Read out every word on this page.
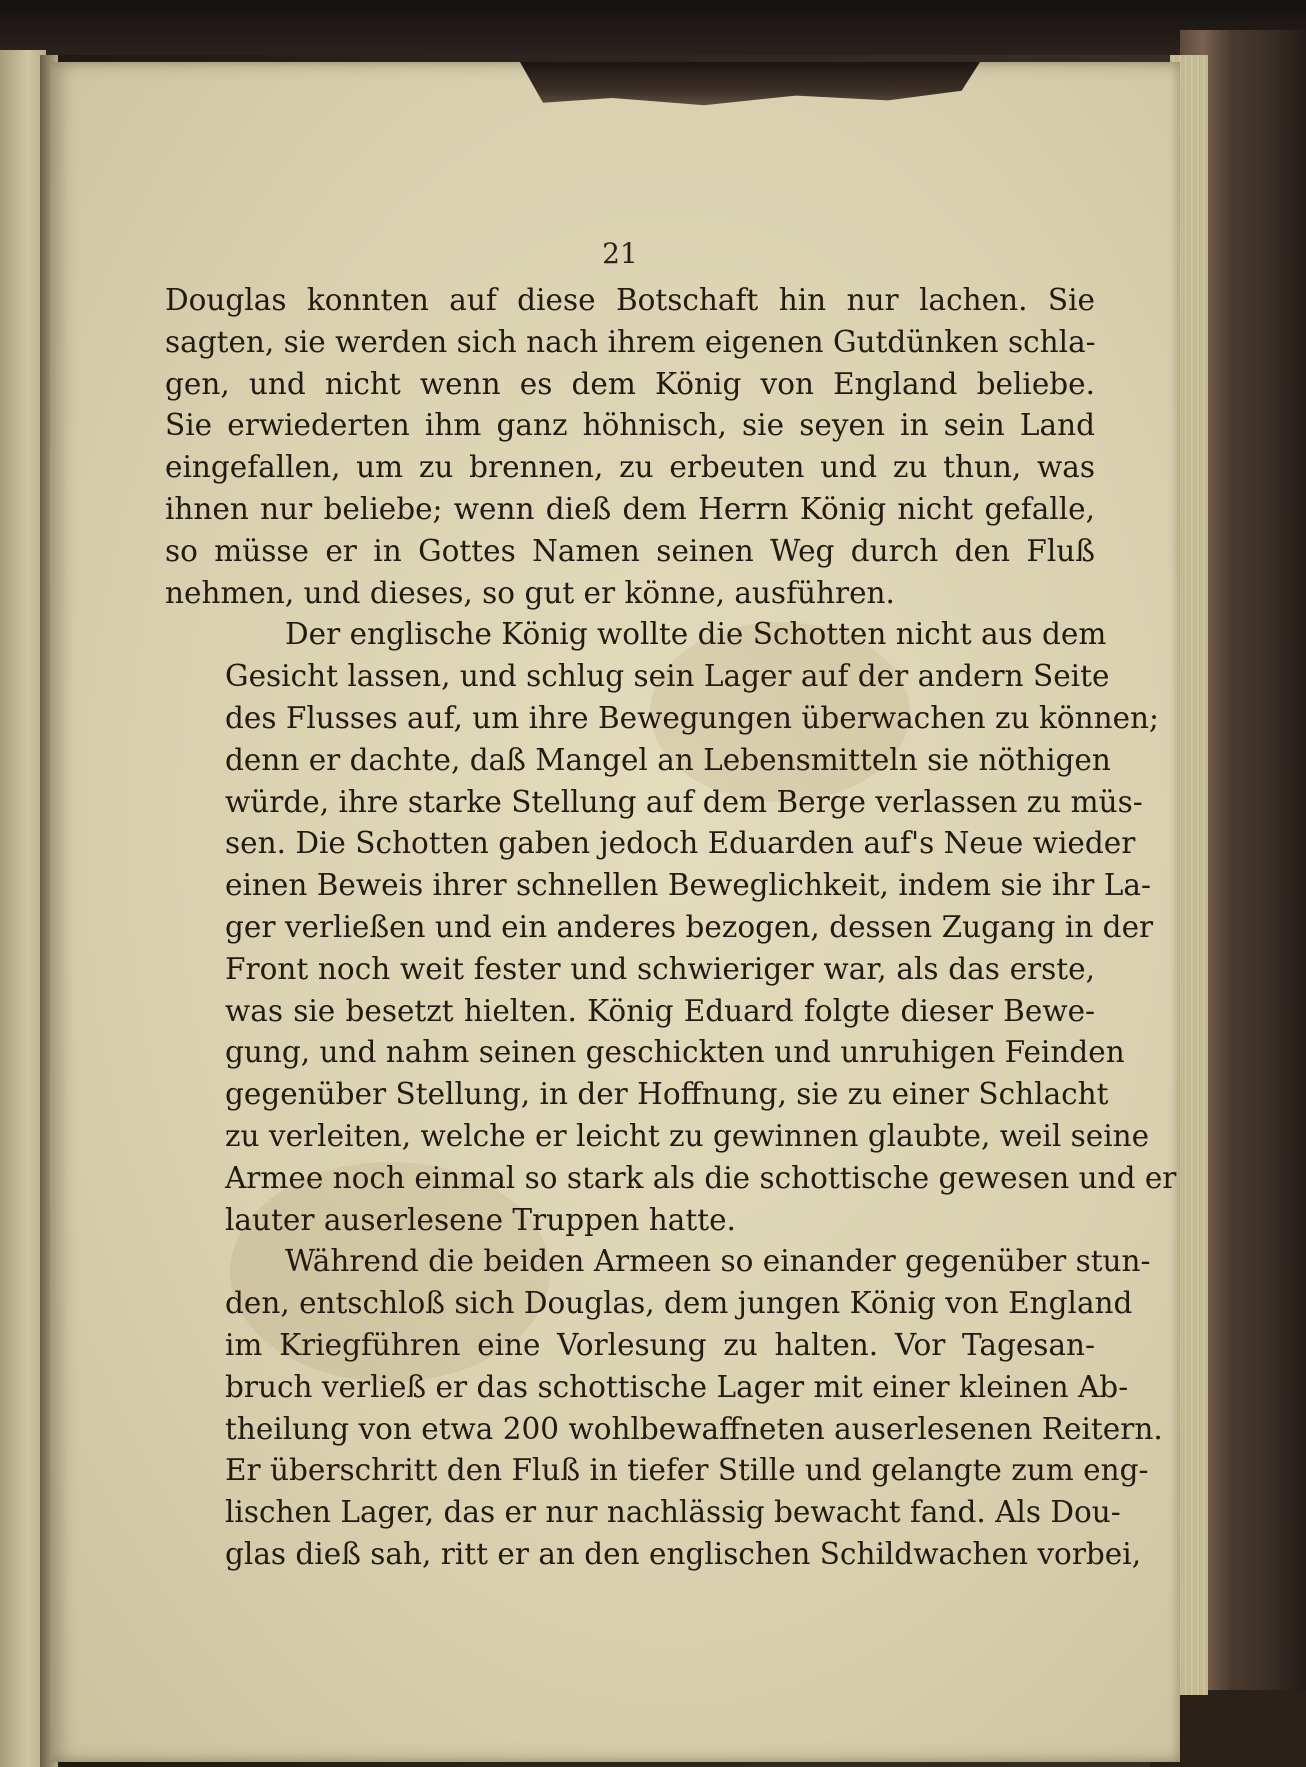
21

Douglas konnten auf diese Botschaft hin nur lachen. Sie
sagten, sie werden sich nach ihrem eigenen Gutdünken schla-
gen, und nicht wenn es dem König von England beliebe.
Sie erwiederten ihm ganz höhnisch, sie seyen in sein Land
eingefallen, um zu brennen, zu erbeuten und zu thun, was
ihnen nur beliebe; wenn dieß dem Herrn König nicht gefalle,
so müsse er in Gottes Namen seinen Weg durch den Fluß
nehmen, und dieses, so gut er könne, ausführen.

Der englische König wollte die Schotten nicht aus dem
Gesicht lassen, und schlug sein Lager auf der andern Seite
des Flusses auf, um ihre Bewegungen überwachen zu können;
denn er dachte, daß Mangel an Lebensmitteln sie nöthigen
würde, ihre starke Stellung auf dem Berge verlassen zu müs-
sen. Die Schotten gaben jedoch Eduarden auf's Neue wieder
einen Beweis ihrer schnellen Beweglichkeit, indem sie ihr La-
ger verließen und ein anderes bezogen, dessen Zugang in der
Front noch weit fester und schwieriger war, als das erste,
was sie besetzt hielten. König Eduard folgte dieser Bewe-
gung, und nahm seinen geschickten und unruhigen Feinden
gegenüber Stellung, in der Hoffnung, sie zu einer Schlacht
zu verleiten, welche er leicht zu gewinnen glaubte, weil seine
Armee noch einmal so stark als die schottische gewesen und er
lauter auserlesene Truppen hatte.

Während die beiden Armeen so einander gegenüber stun-
den, entschloß sich Douglas, dem jungen König von England
im Kriegführen eine Vorlesung zu halten. Vor Tagesan-
bruch verließ er das schottische Lager mit einer kleinen Ab-
theilung von etwa 200 wohlbewaffneten auserlesenen Reitern.
Er überschritt den Fluß in tiefer Stille und gelangte zum eng-
lischen Lager, das er nur nachlässig bewacht fand. Als Dou-
glas dieß sah, ritt er an den englischen Schildwachen vorbei,
